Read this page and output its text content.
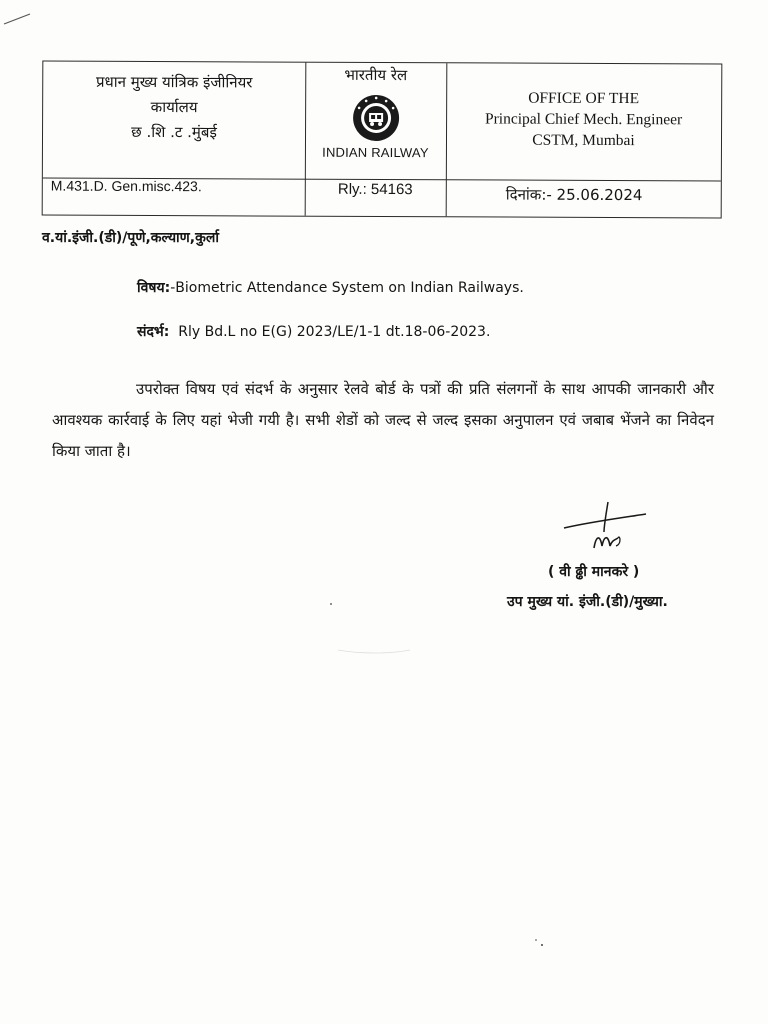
प्रधान मुख्य यांत्रिक इंजीनियर
कार्यालय
छ .शि .ट .मुंबई
भारतीय रेल
INDIAN RAILWAY
OFFICE OF THE
Principal Chief Mech. Engineer
CSTM, Mumbai
M.431.D. Gen.misc.423.	Rly.: 54163	दिनांक:- 25.06.2024
व.यां.इंजी.(डी)/पूणे,कल्याण,कुर्ला
विषय:-Biometric Attendance System on Indian Railways.
संदर्भ: Rly Bd.L no E(G) 2023/LE/1-1 dt.18-06-2023.
उपरोक्त विषय एवं संदर्भ के अनुसार रेलवे बोर्ड के पत्रों की प्रति संलगनों के साथ आपकी जानकारी और आवश्यक कार्रवाई के लिए यहां भेजी गयी है। सभी शेडों को जल्द से जल्द इसका अनुपालन एवं जबाब भेंजने का निवेदन किया जाता है।
( वी ढ्ढी मानकरे )
उप मुख्य यां. इंजी.(डी)/मुख्या.
